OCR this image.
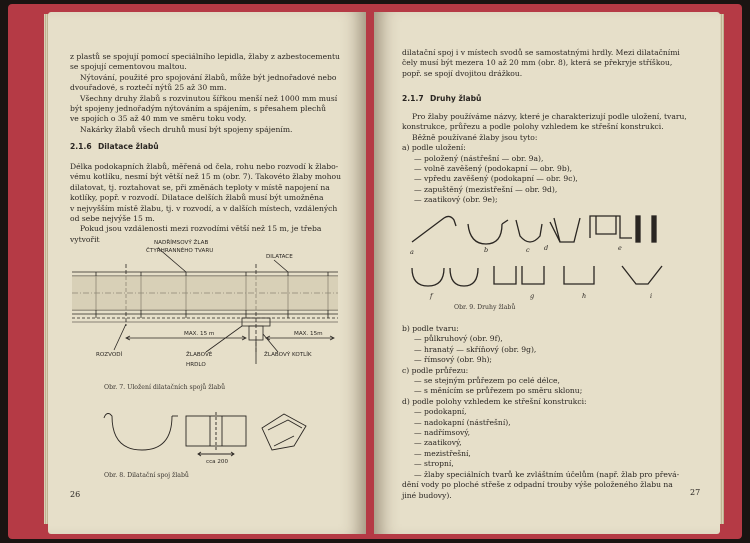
z plastů se spojují pomocí speciálního lepidla, žlaby z azbestocementu

se spojují cementovou maltou.

Nýtování, použité pro spojování žlabů, může být jednořadové nebo

dvouřadové, s roztečí nýtů 25 až 30 mm.

Všechny druhy žlabů s rozvinutou šířkou menší než 1000 mm musí

být spojeny jednořadým nýtováním a spájením, s přesahem plechů

ve spojích o 35 až 40 mm ve směru toku vody.

Nakárky žlabů všech druhů musí být spojeny spájením.

2.1.6 Dilatace žlabů

Délka podokapních žlabů, měřená od čela, rohu nebo rozvodí k žlabo-

vému kotlíku, nesmí být větší než 15 m (obr. 7). Takovéto žlaby mohou

dilatovat, tj. roztahovat se, při změnách teploty v místě napojení na

kotlíky, popř. v rozvodí. Dilatace delších žlabů musí být umožněna

v nejvyšším místě žlabu, tj. v rozvodí, a v dalších místech, vzdálených

od sebe nejvýše 15 m.

Pokud jsou vzdálenosti mezi rozvodími větší než 15 m, je třeba vytvořit	NADŘÍMSOVÝ ŽLAB
ČTYŘHRANNÉHO TVARU
DILATACE
MAX. 15 m	MAX. 15m
ROZVODÍ	ŽLABOVÉ
HRDLO
ŽLABOVÝ KOTLÍK
Obr. 7. Uložení dilatačních spojů žlabů
cca 200
Obr. 8. Dilatační spoj žlabů
26

dilatační spoj i v místech svodů se samostatnými hrdly. Mezi dilatačními

čely musí být mezera 10 až 20 mm (obr. 8), která se překryje stříškou,

popř. se spojí dvojitou drážkou.

2.1.7 Druhy žlabů

Pro žlaby používáme názvy, které je charakterizují podle uložení, tvaru,

konstrukce, průřezu a podle polohy vzhledem ke střešní konstrukci.

Běžně používané žlaby jsou tyto:

a) podle uložení:

— položený (nástřešní — obr. 9a),

— volně zavěšený (podokapní — obr. 9b),

— vpředu zavěšený (podokapní — obr. 9c),

— zapuštěný (mezistřešní — obr. 9d),

— zaatikový (obr. 9e);

a	b	c d	e
f	g	h	i
Obr. 9. Druhy žlabů

b) podle tvaru:

— půlkruhový (obr. 9f),

— hranatý — skříňový (obr. 9g),

— římsový (obr. 9h);

c) podle průřezu:

— se stejným průřezem po celé délce,

— s měnícím se průřezem po směru sklonu;

d) podle polohy vzhledem ke střešní konstrukci:

— podokapní,

— nadokapní (nástřešní),

— nadřímsový,

— zaatikový,

— mezistřešní,

— stropní,

— žlaby speciálních tvarů ke zvláštním účelům (např. žlab pro převá-

dění vody po ploché střeše z odpadní trouby výše položeného žlabu na

jiné budovy).	27
